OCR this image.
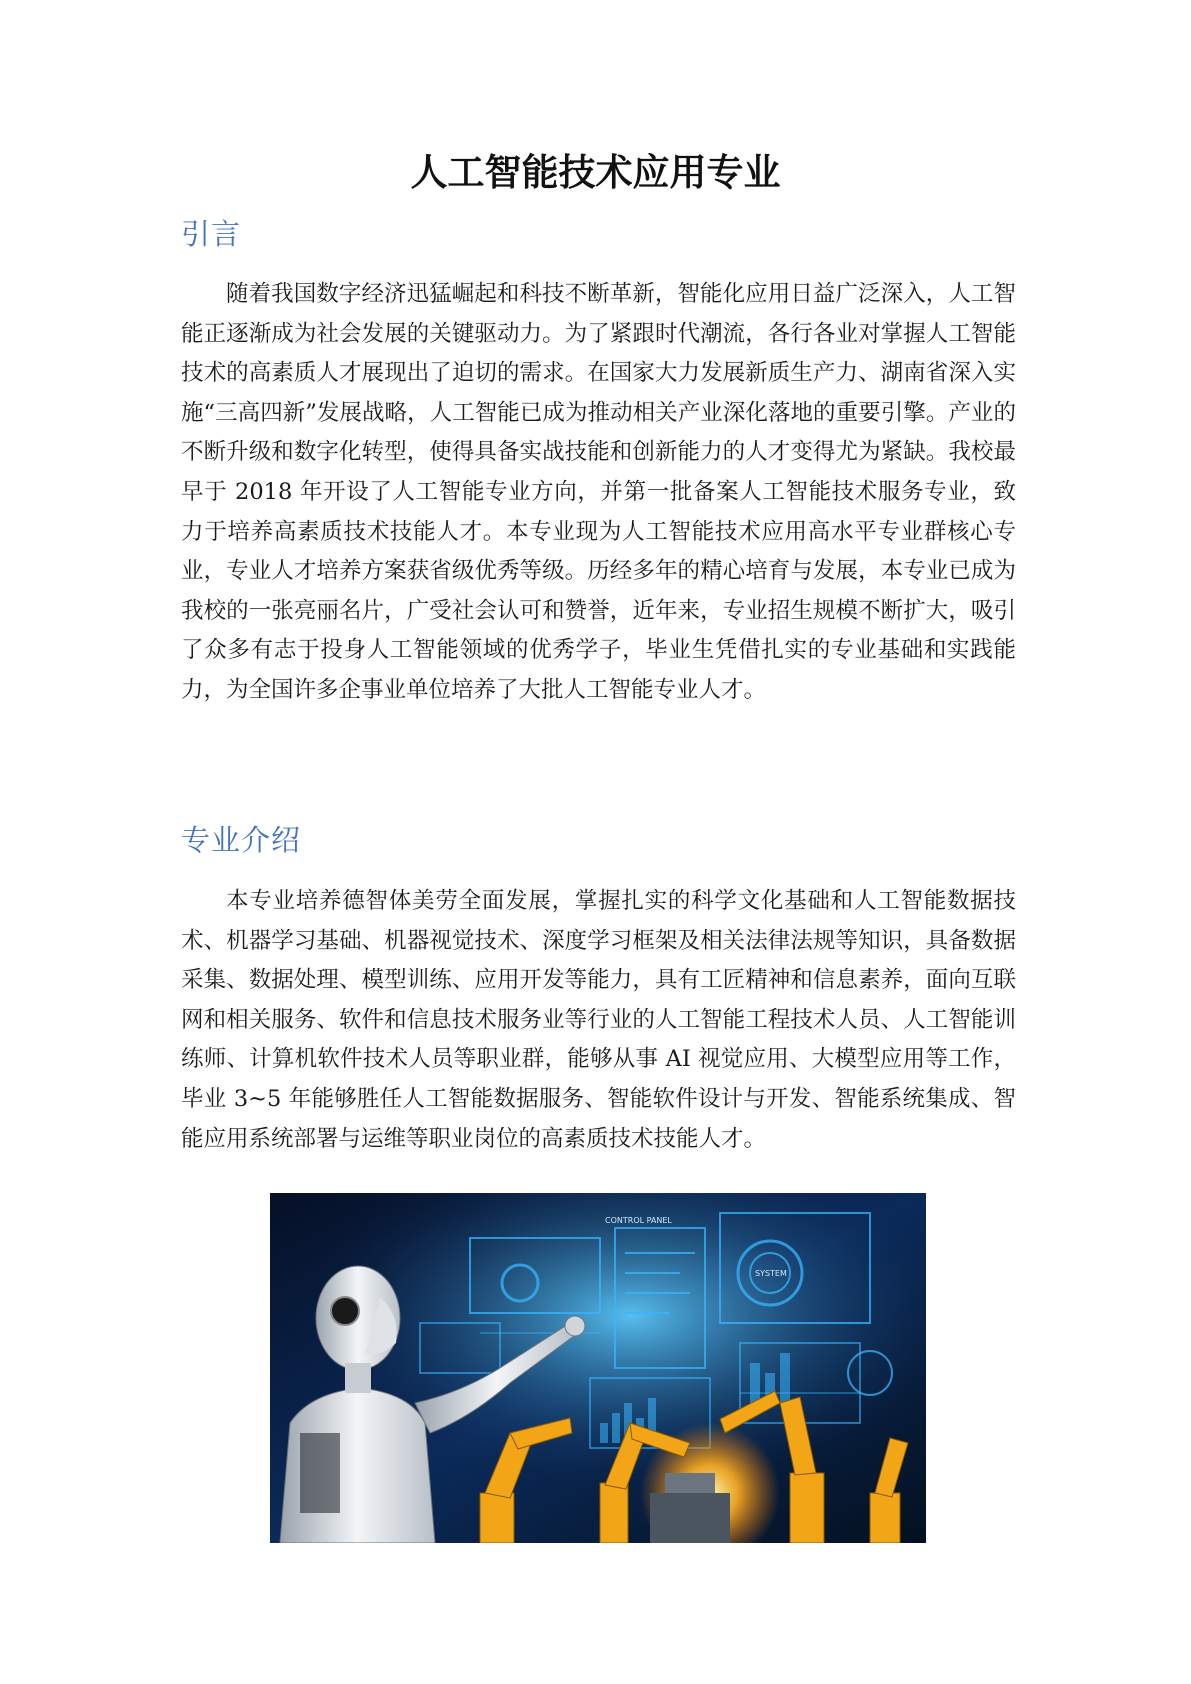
人工智能技术应用专业
引言
随着我国数字经济迅猛崛起和科技不断革新，智能化应用日益广泛深入，人工智能正逐渐成为社会发展的关键驱动力。为了紧跟时代潮流，各行各业对掌握人工智能技术的高素质人才展现出了迫切的需求。在国家大力发展新质生产力、湖南省深入实施“三高四新”发展战略，人工智能已成为推动相关产业深化落地的重要引擎。产业的不断升级和数字化转型，使得具备实战技能和创新能力的人才变得尤为紧缺。我校最早于 2018 年开设了人工智能专业方向，并第一批备案人工智能技术服务专业，致力于培养高素质技术技能人才。本专业现为人工智能技术应用高水平专业群核心专业，专业人才培养方案获省级优秀等级。历经多年的精心培育与发展，本专业已成为我校的一张亮丽名片，广受社会认可和赞誉，近年来，专业招生规模不断扩大，吸引了众多有志于投身人工智能领域的优秀学子，毕业生凭借扎实的专业基础和实践能力，为全国许多企事业单位培养了大批人工智能专业人才。
专业介绍
本专业培养德智体美劳全面发展，掌握扎实的科学文化基础和人工智能数据技术、机器学习基础、机器视觉技术、深度学习框架及相关法律法规等知识，具备数据采集、数据处理、模型训练、应用开发等能力，具有工匠精神和信息素养，面向互联网和相关服务、软件和信息技术服务业等行业的人工智能工程技术人员、人工智能训练师、计算机软件技术人员等职业群，能够从事 AI 视觉应用、大模型应用等工作，毕业 3~5 年能够胜任人工智能数据服务、智能软件设计与开发、智能系统集成、智能应用系统部署与运维等职业岗位的高素质技术技能人才。
CONTROL PANEL
SYSTEM
